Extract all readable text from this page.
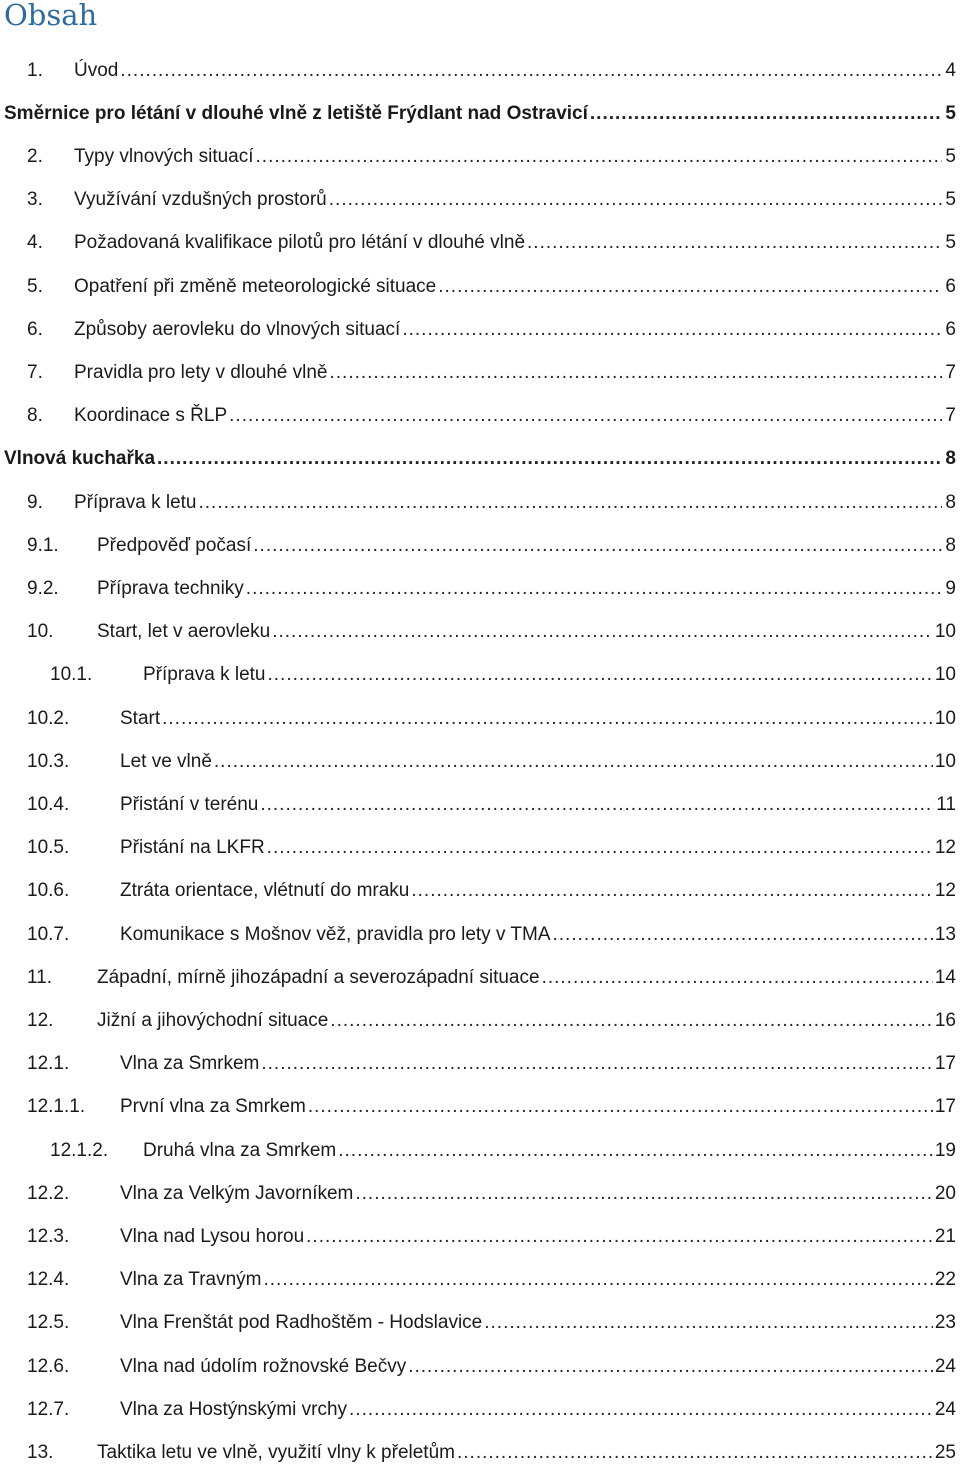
Obsah
1.	Úvod .....	4
Směrnice pro létání v dlouhé vlně z letiště Frýdlant nad Ostravicí .....	5
2.	Typy vlnových situací .....	5
3.	Využívání vzdušných prostorů .....	5
4.	Požadovaná kvalifikace pilotů pro létání v dlouhé vlně .....	5
5.	Opatření při změně meteorologické situace .....	6
6.	Způsoby aerovleku do vlnových situací .....	6
7.	Pravidla pro lety v dlouhé vlně .....	7
8.	Koordinace s ŘLP .....	7
Vlnová kuchařka .....	8
9.	Příprava k letu .....	8
9.1.	Předpověď počasí .....	8
9.2.	Příprava techniky .....	9
10.	Start, let v aerovleku .....	10
10.1.	Příprava k letu .....	10
10.2.	Start .....	10
10.3.	Let ve vlně .....	10
10.4.	Přistání v terénu .....	11
10.5.	Přistání na LKFR .....	12
10.6.	Ztráta orientace, vlétnutí do mraku .....	12
10.7.	Komunikace s Mošnov věž, pravidla pro lety v TMA .....	13
11.	Západní, mírně jihozápadní a severozápadní situace .....	14
12.	Jižní a jihovýchodní situace .....	16
12.1.	Vlna za Smrkem .....	17
12.1.1.	První vlna za Smrkem .....	17
12.1.2.	Druhá vlna za Smrkem .....	19
12.2.	Vlna za Velkým Javorníkem .....	20
12.3.	Vlna nad Lysou horou .....	21
12.4.	Vlna za Travným .....	22
12.5.	Vlna Frenštát pod Radhoštěm - Hodslavice .....	23
12.6.	Vlna nad údolím rožnovské Bečvy .....	24
12.7.	Vlna za Hostýnskými vrchy .....	24
13.	Taktika letu ve vlně, využití vlny k přeletům .....	25
